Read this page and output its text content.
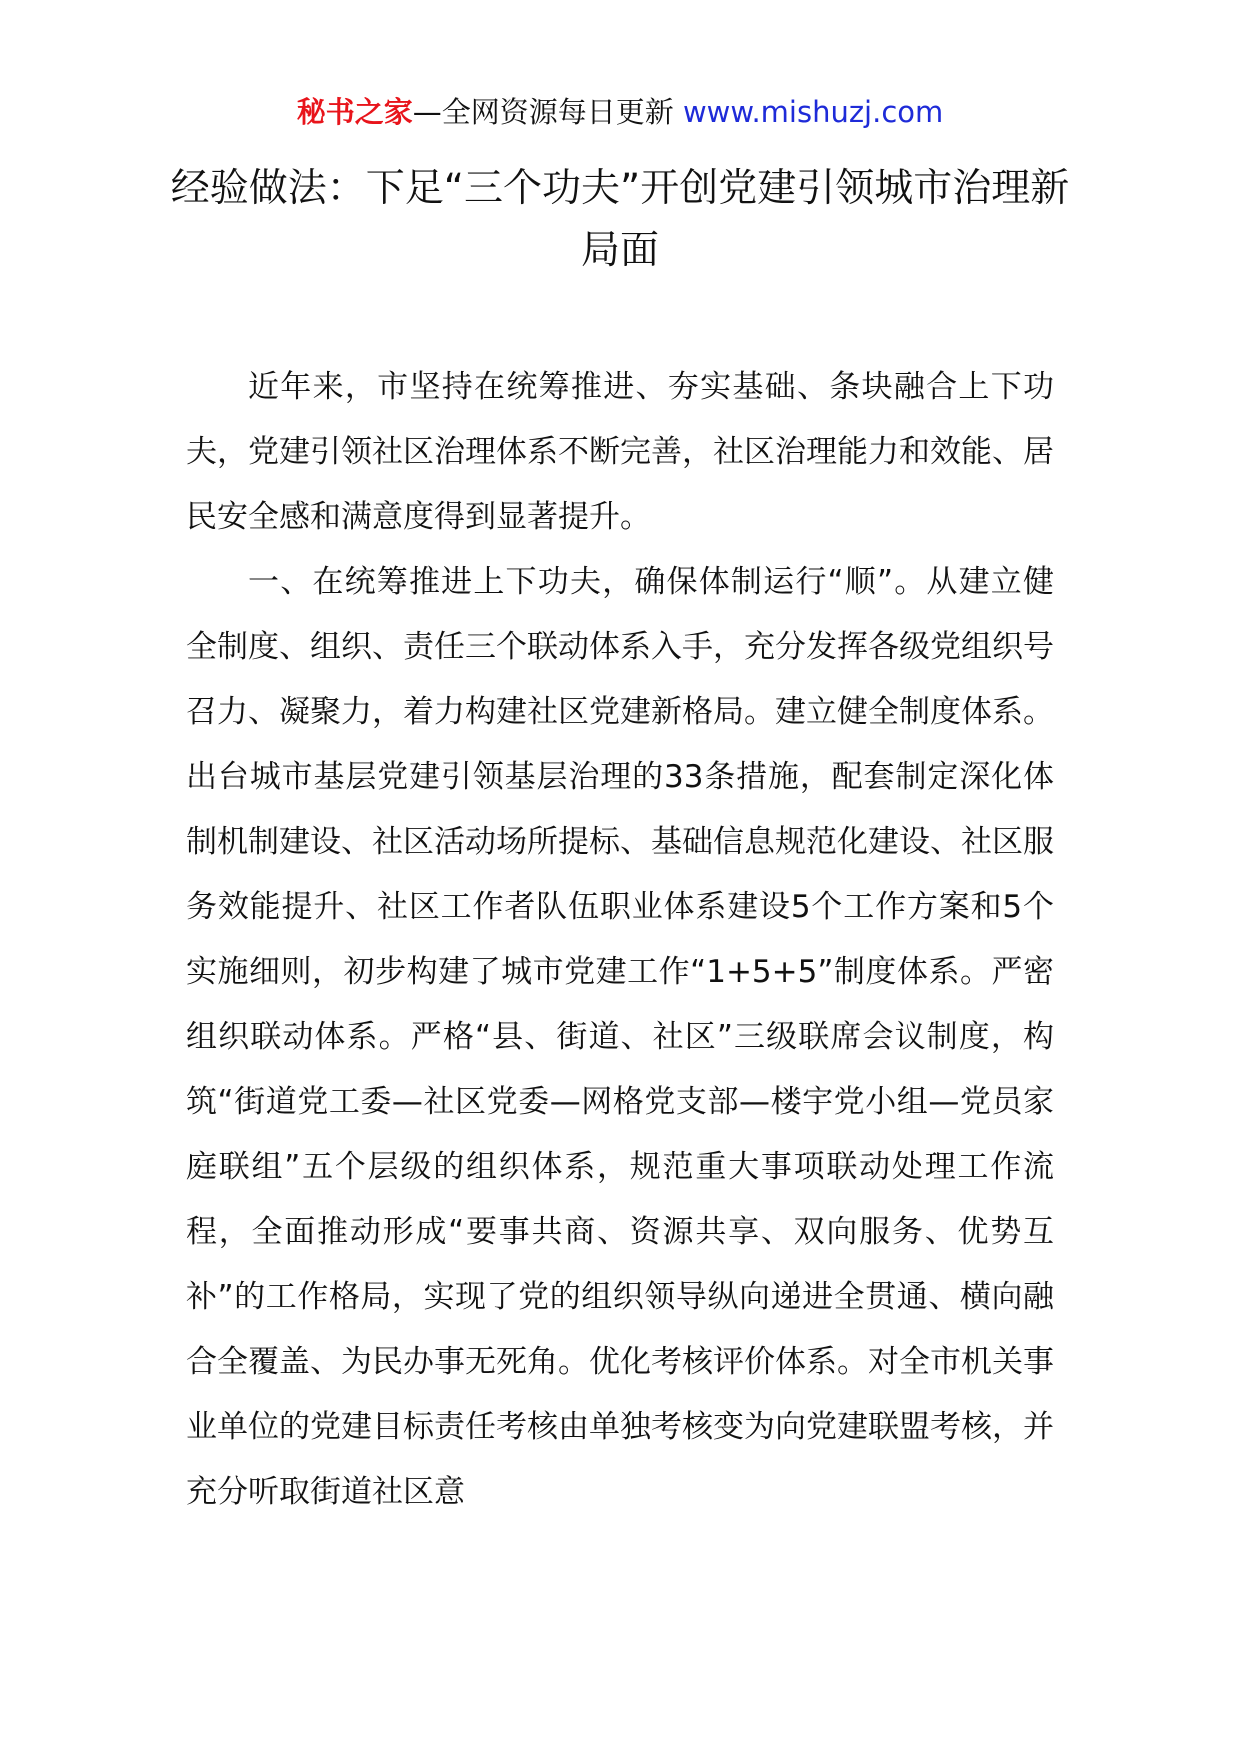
秘书之家—全网资源每日更新 www.mishuzj.com
经验做法：下足“三个功夫”开创党建引领城市治理新局面

近年来，市坚持在统筹推进、夯实基础、条块融合上下功夫，党建引领社区治理体系不断完善，社区治理能力和效能、居民安全感和满意度得到显著提升。

一、在统筹推进上下功夫，确保体制运行“顺”。从建立健全制度、组织、责任三个联动体系入手，充分发挥各级党组织号召力、凝聚力，着力构建社区党建新格局。建立健全制度体系。出台城市基层党建引领基层治理的33条措施，配套制定深化体制机制建设、社区活动场所提标、基础信息规范化建设、社区服务效能提升、社区工作者队伍职业体系建设5个工作方案和5个实施细则，初步构建了城市党建工作“1+5+5”制度体系。严密组织联动体系。严格“县、街道、社区”三级联席会议制度，构筑“街道党工委—社区党委—网格党支部—楼宇党小组—党员家庭联组”五个层级的组织体系，规范重大事项联动处理工作流程，全面推动形成“要事共商、资源共享、双向服务、优势互补”的工作格局，实现了党的组织领导纵向递进全贯通、横向融合全覆盖、为民办事无死角。优化考核评价体系。对全市机关事业单位的党建目标责任考核由单独考核变为向党建联盟考核，并充分听取街道社区意
